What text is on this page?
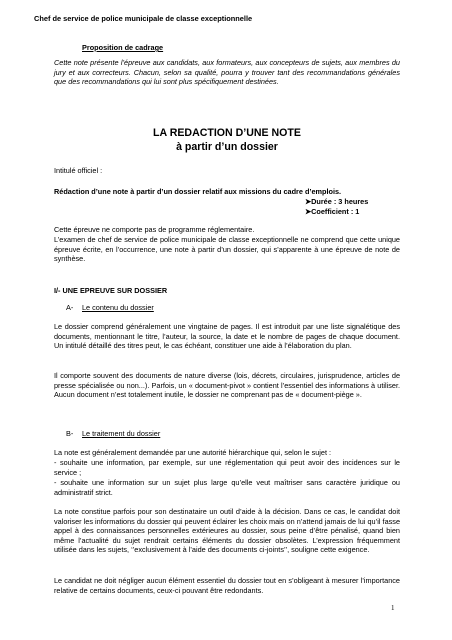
Chef de service de police municipale de classe exceptionnelle
Proposition de cadrage

Cette note présente l’épreuve aux candidats, aux formateurs, aux concepteurs de sujets, aux membres du jury et aux correcteurs. Chacun, selon sa qualité, pourra y trouver tant des recommandations générales que des recommandations qui lui sont plus spécifiquement destinées.

LA REDACTION D’UNE NOTE
à partir d’un dossier
Intitulé officiel :
Rédaction d’une note à partir d’un dossier relatif aux missions du cadre d’emplois.
➤Durée : 3 heures
➤Coefficient : 1
Cette épreuve ne comporte pas de programme réglementaire.

L’examen de chef de service de police municipale de classe exceptionnelle ne comprend que cette unique épreuve écrite, en l’occurrence, une note à partir d’un dossier, qui s’apparente à une épreuve de note de synthèse.

I/- UNE EPREUVE SUR DOSSIER
A- Le contenu du dossier

Le dossier comprend généralement une vingtaine de pages. Il est introduit par une liste signalétique des documents, mentionnant le titre, l’auteur, la source, la date et le nombre de pages de chaque document. Un intitulé détaillé des titres peut, le cas échéant, constituer une aide à l’élaboration du plan.

Il comporte souvent des documents de nature diverse (lois, décrets, circulaires, jurisprudence, articles de presse spécialisée ou non...). Parfois, un « document-pivot » contient l’essentiel des informations à utiliser. Aucun document n’est totalement inutile, le dossier ne comprenant pas de « document-piège ».

B- Le traitement du dossier

La note est généralement demandée par une autorité hiérarchique qui, selon le sujet :

- souhaite une information, par exemple, sur une réglementation qui peut avoir des incidences sur le service ;

- souhaite une information sur un sujet plus large qu’elle veut maîtriser sans caractère juridique ou administratif strict.

La note constitue parfois pour son destinataire un outil d’aide à la décision. Dans ce cas, le candidat doit valoriser les informations du dossier qui peuvent éclairer les choix mais on n’attend jamais de lui qu’il fasse appel à des connaissances personnelles extérieures au dossier, sous peine d’être pénalisé, quand bien même l’actualité du sujet rendrait certains éléments du dossier obsolètes. L’expression fréquemment utilisée dans les sujets, ‘’exclusivement à l’aide des documents ci-joints’’, souligne cette exigence.

Le candidat ne doit négliger aucun élément essentiel du dossier tout en s’obligeant à mesurer l’importance relative de certains documents, ceux-ci pouvant être redondants.

1
